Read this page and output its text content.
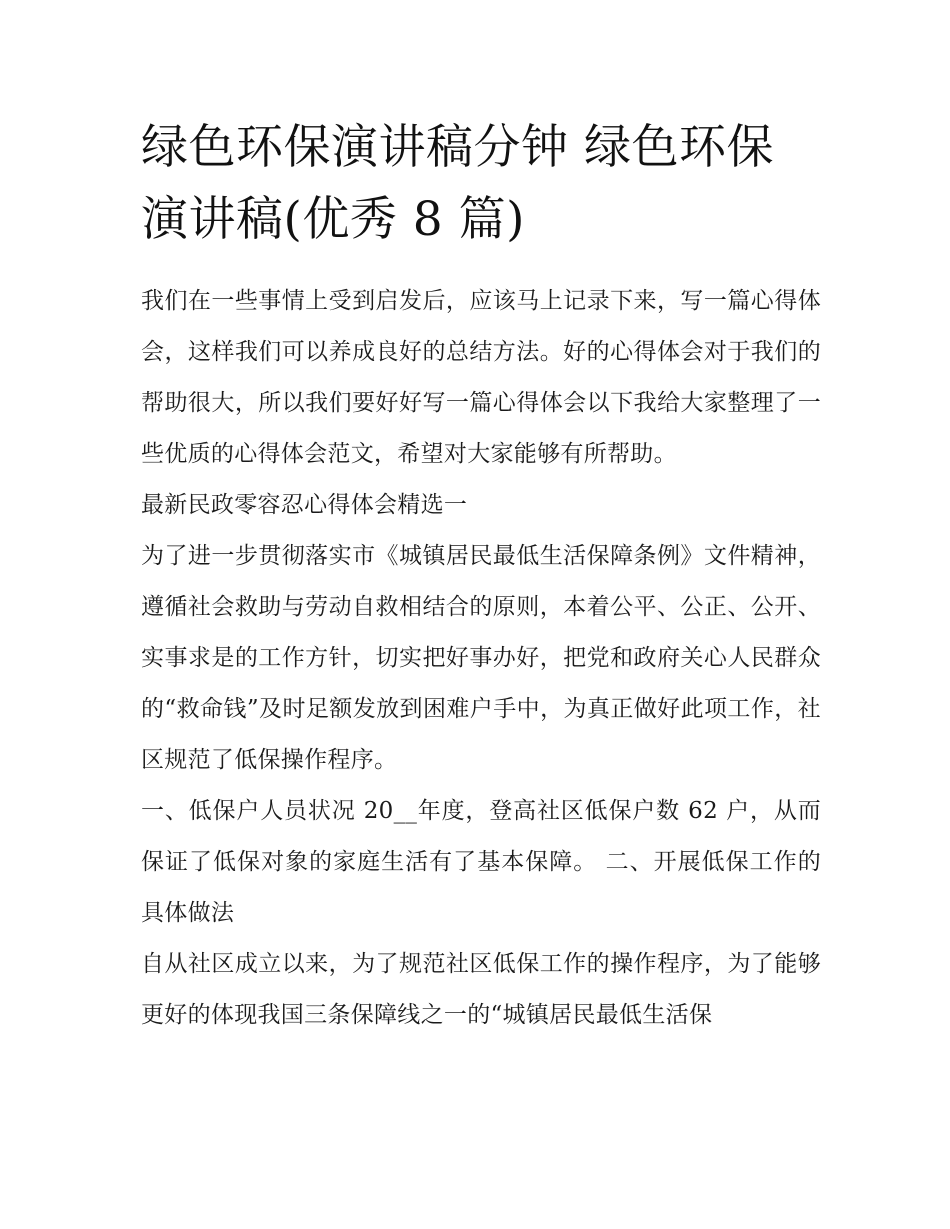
绿色环保演讲稿分钟 绿色环保演讲稿(优秀 8 篇)

我们在一些事情上受到启发后，应该马上记录下来，写一篇心得体会，这样我们可以养成良好的总结方法。好的心得体会对于我们的帮助很大，所以我们要好好写一篇心得体会以下我给大家整理了一些优质的心得体会范文，希望对大家能够有所帮助。

最新民政零容忍心得体会精选一

为了进一步贯彻落实市《城镇居民最低生活保障条例》文件精神，遵循社会救助与劳动自救相结合的原则，本着公平、公正、公开、实事求是的工作方针，切实把好事办好，把党和政府关心人民群众的“救命钱”及时足额发放到困难户手中，为真正做好此项工作，社区规范了低保操作程序。

一、低保户人员状况 20__年度，登高社区低保户数 62 户，从而保证了低保对象的家庭生活有了基本保障。 二、开展低保工作的具体做法

自从社区成立以来，为了规范社区低保工作的操作程序，为了能够更好的体现我国三条保障线之一的“城镇居民最低生活保
